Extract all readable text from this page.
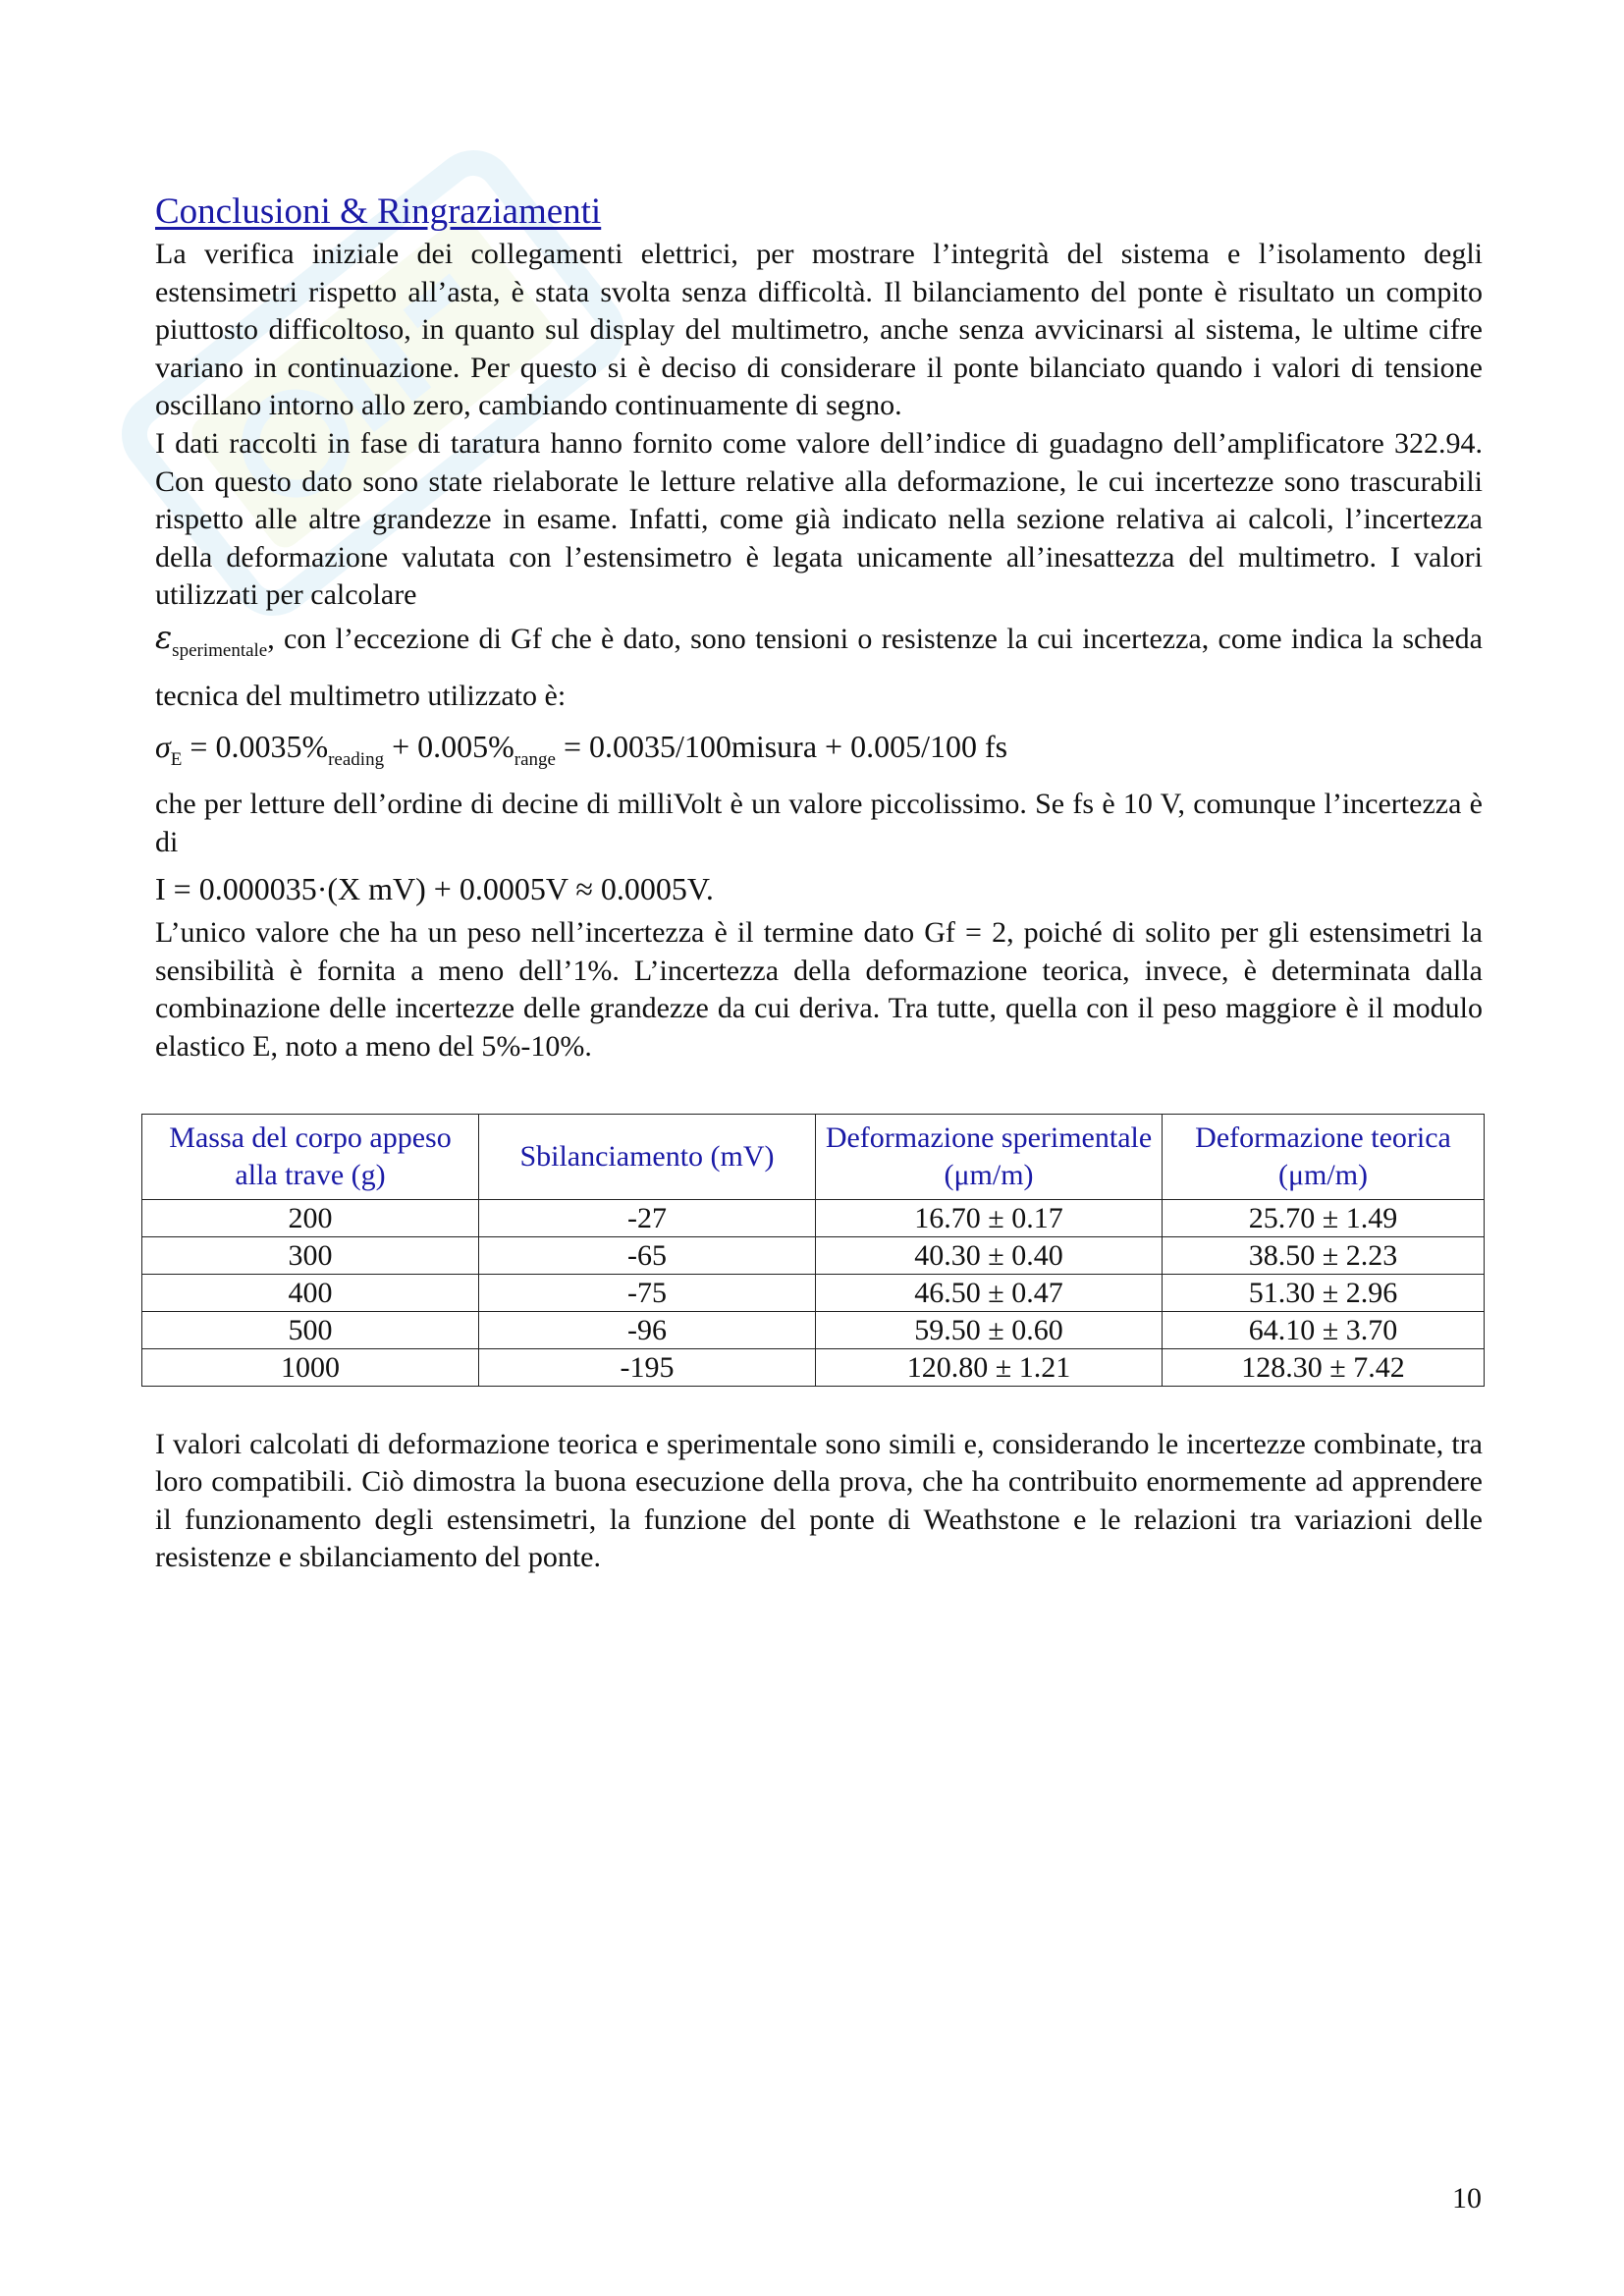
Conclusioni & Ringraziamenti

La verifica iniziale dei collegamenti elettrici, per mostrare l’integrità del sistema e l’isolamento degli estensimetri rispetto all’asta, è stata svolta senza difficoltà. Il bilanciamento del ponte è risultato un compito piuttosto difficoltoso, in quanto sul display del multimetro, anche senza avvicinarsi al sistema, le ultime cifre variano in continuazione. Per questo si è deciso di considerare il ponte bilanciato quando i valori di tensione oscillano intorno allo zero, cambiando continuamente di segno.

I dati raccolti in fase di taratura hanno fornito come valore dell’indice di guadagno dell’amplificatore 322.94. Con questo dato sono state rielaborate le letture relative alla deformazione, le cui incertezze sono trascurabili rispetto alle altre grandezze in esame. Infatti, come già indicato nella sezione relativa ai calcoli, l’incertezza della deformazione valutata con l’estensimetro è legata unicamente all’inesattezza del multimetro. I valori utilizzati per calcolare

$\varepsilon_{sperimentale}$, con l’eccezione di Gf che è dato, sono tensioni o resistenze la cui incertezza, come indica la scheda tecnica del multimetro utilizzato è:
$\sigma_E = 0.0035\%_{reading} + 0.005\%_{range}$ = 0.0035/100misura + 0.005/100 fs

che per letture dell’ordine di decine di milliVolt è un valore piccolissimo. Se fs è 10 V, comunque l’incertezza è di

I = 0.000035·(X mV) + 0.0005V ≈ 0.0005V.

L’unico valore che ha un peso nell’incertezza è il termine dato Gf = 2, poiché di solito per gli estensimetri la sensibilità è fornita a meno dell’1%. L’incertezza della deformazione teorica, invece, è determinata dalla combinazione delle incertezze delle grandezze da cui deriva. Tra tutte, quella con il peso maggiore è il modulo elastico E, noto a meno del 5%-10%.

Massa del corpo appeso alla trave (g)	Sbilanciamento (mV)	Deformazione sperimentale (μm/m)	Deformazione teorica (μm/m)
200	-27	16.70 ± 0.17	25.70 ± 1.49
300	-65	40.30 ± 0.40	38.50 ± 2.23
400	-75	46.50 ± 0.47	51.30 ± 2.96
500	-96	59.50 ± 0.60	64.10 ± 3.70
1000	-195	120.80 ± 1.21	128.30 ± 7.42

I valori calcolati di deformazione teorica e sperimentale sono simili e, considerando le incertezze combinate, tra loro compatibili. Ciò dimostra la buona esecuzione della prova, che ha contribuito enormemente ad apprendere il funzionamento degli estensimetri, la funzione del ponte di Weathstone e le relazioni tra variazioni delle resistenze e sbilanciamento del ponte.

10
